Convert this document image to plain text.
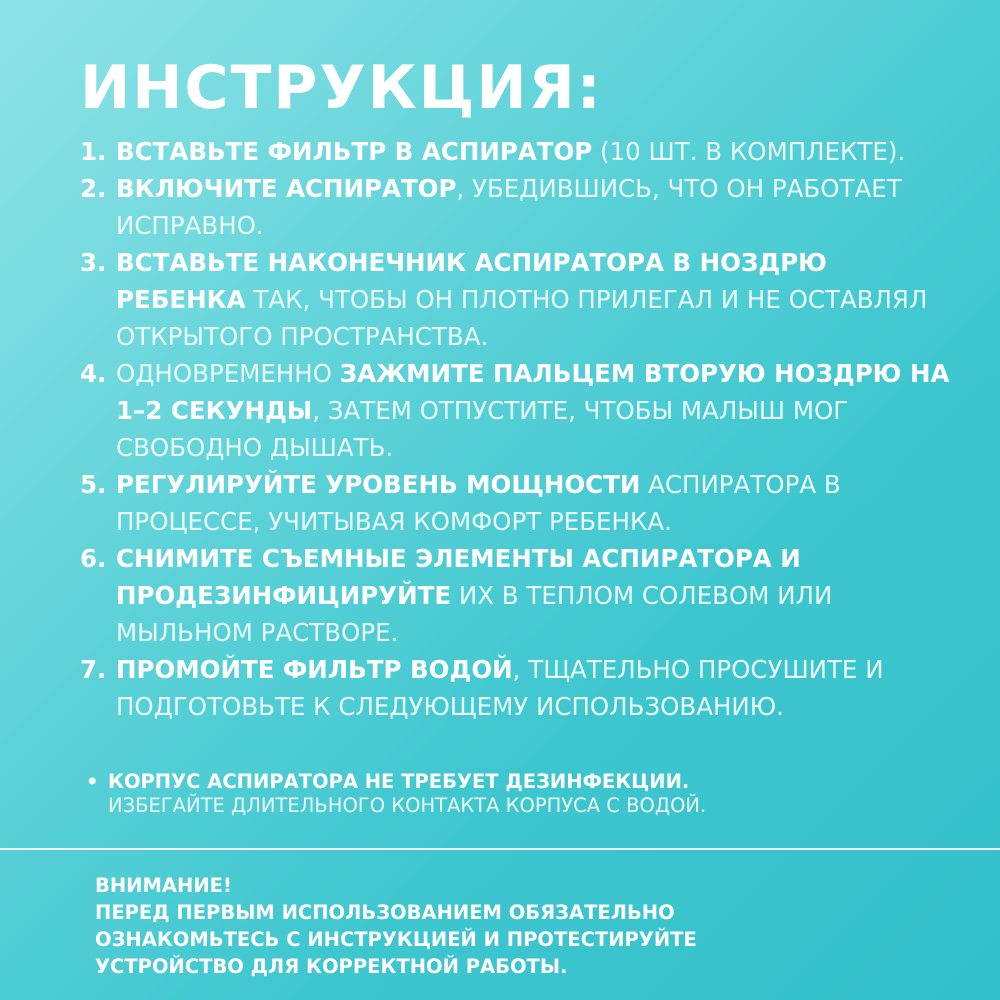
ИНСТРУКЦИЯ:
1. ВСТАВЬТЕ ФИЛЬТР В АСПИРАТОР (10 ШТ. В КОМПЛЕКТЕ).
2. ВКЛЮЧИТЕ АСПИРАТОР, УБЕДИВШИСЬ, ЧТО ОН РАБОТАЕТ ИСПРАВНО.
3. ВСТАВЬТЕ НАКОНЕЧНИК АСПИРАТОРА В НОЗДРЮ РЕБЕНКА ТАК, ЧТОБЫ ОН ПЛОТНО ПРИЛЕГАЛ И НЕ ОСТАВЛЯЛ ОТКРЫТОГО ПРОСТРАНСТВА.
4. ОДНОВРЕМЕННО ЗАЖМИТЕ ПАЛЬЦЕМ ВТОРУЮ НОЗДРЮ НА 1–2 СЕКУНДЫ, ЗАТЕМ ОТПУСТИТЕ, ЧТОБЫ МАЛЫШ МОГ СВОБОДНО ДЫШАТЬ.
5. РЕГУЛИРУЙТЕ УРОВЕНЬ МОЩНОСТИ АСПИРАТОРА В ПРОЦЕССЕ, УЧИТЫВАЯ КОМФОРТ РЕБЕНКА.
6. СНИМИТЕ СЪЕМНЫЕ ЭЛЕМЕНТЫ АСПИРАТОРА И ПРОДЕЗИНФИЦИРУЙТЕ ИХ В ТЕПЛОМ СОЛЕВОМ ИЛИ МЫЛЬНОМ РАСТВОРЕ.
7. ПРОМОЙТЕ ФИЛЬТР ВОДОЙ, ТЩАТЕЛЬНО ПРОСУШИТЕ И ПОДГОТОВЬТЕ К СЛЕДУЮЩЕМУ ИСПОЛЬЗОВАНИЮ.
• КОРПУС АСПИРАТОРА НЕ ТРЕБУЕТ ДЕЗИНФЕКЦИИ.
ИЗБЕГАЙТЕ ДЛИТЕЛЬНОГО КОНТАКТА КОРПУСА С ВОДОЙ.
ВНИМАНИЕ!
ПЕРЕД ПЕРВЫМ ИСПОЛЬЗОВАНИЕМ ОБЯЗАТЕЛЬНО
ОЗНАКОМЬТЕСЬ С ИНСТРУКЦИЕЙ И ПРОТЕСТИРУЙТЕ
УСТРОЙСТВО ДЛЯ КОРРЕКТНОЙ РАБОТЫ.
